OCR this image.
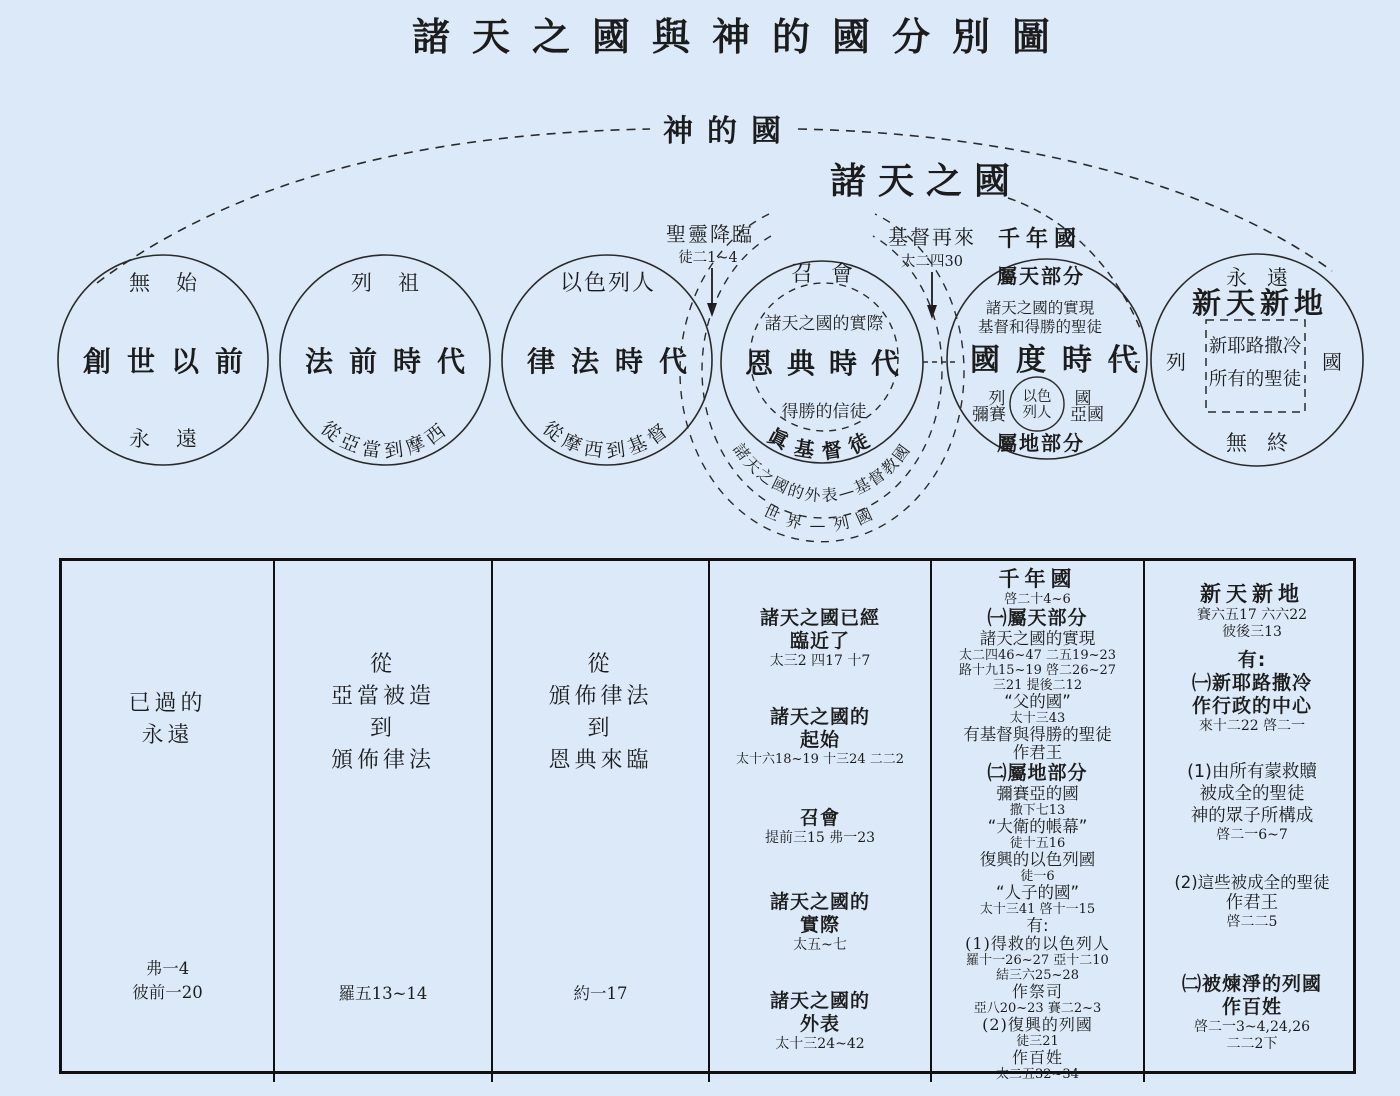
諸天之國與神的國分別圖
神的國
諸天之國
無始
創世以前
永遠
列祖
法前時代
從亞當到摩西
以色列人
律法時代
從摩西到基督
聖靈降臨
徒二1~4
基督再來
太二四30
召會
諸天之國的實際
恩典時代
得勝的信徒
眞基督徒
諸天之國的外表—基督教國
世界—列國
千年國
屬天部分
諸天之國的實現
基督和得勝的聖徒
國度時代
以色
列人
列
彌賽
國
亞國
屬地部分
永遠
新天新地
新耶路撒冷
所有的聖徒
列	國
無終
已過的
永遠
弗一4
彼前一20
從
亞當被造
到
頒佈律法
羅五13~14
從
頒佈律法
到
恩典來臨
約一17
諸天之國已經
臨近了
太三2 四17 十7
諸天之國的
起始
太十六18~19 十三24 二二2
召會
提前三15 弗一23
諸天之國的
實際
太五~七
諸天之國的
外表
太十三24~42
千年國
啓二十4~6
㈠屬天部分
諸天之國的實現
太二四46~47 二五19~23
路十九15~19 啓二26~27
三21 提後二12
“父的國”
太十三43
有基督與得勝的聖徒
作君王
㈡屬地部分
彌賽亞的國
撒下七13
“大衛的帳幕”
徒十五16
復興的以色列國
徒一6
“人子的國”
太十三41 啓十一15
有:
(1)得救的以色列人
羅十一26~27 亞十二10
結三六25~28
作祭司
亞八20~23 賽二2~3
(2)復興的列國
徒三21
作百姓
太二五32~34
新天新地
賽六五17 六六22
彼後三13
有:
㈠新耶路撒冷
作行政的中心
來十二22 啓二一
(1)由所有蒙救贖
被成全的聖徒
神的眾子所構成
啓二一6~7
(2)這些被成全的聖徒
作君王
啓二二5
㈡被煉淨的列國
作百姓
啓二一3~4,24,26
二二2下
